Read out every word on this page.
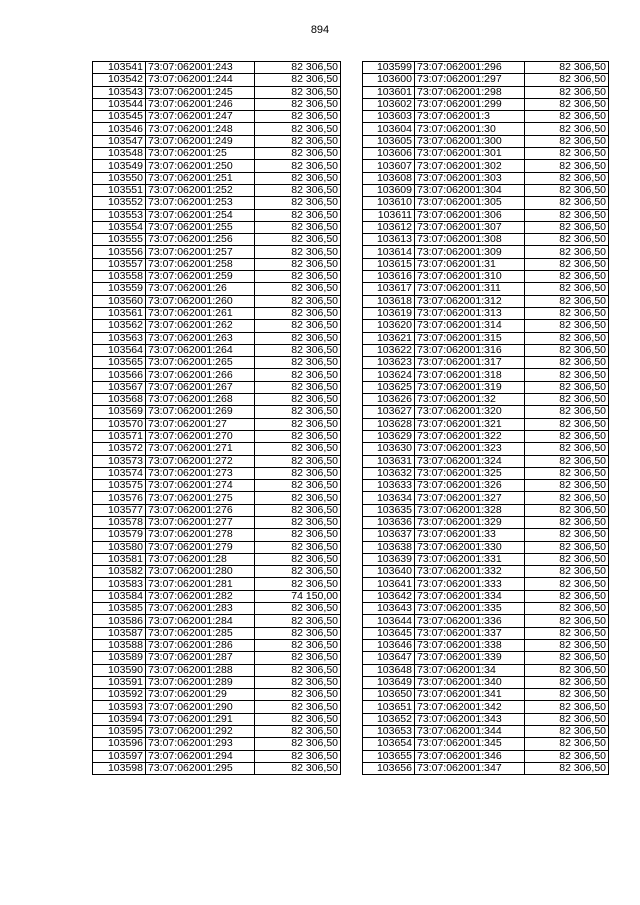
894
103541	73:07:062001:243	82 306,50
103542	73:07:062001:244	82 306,50
103543	73:07:062001:245	82 306,50
103544	73:07:062001:246	82 306,50
103545	73:07:062001:247	82 306,50
103546	73:07:062001:248	82 306,50
103547	73:07:062001:249	82 306,50
103548	73:07:062001:25	82 306,50
103549	73:07:062001:250	82 306,50
103550	73:07:062001:251	82 306,50
103551	73:07:062001:252	82 306,50
103552	73:07:062001:253	82 306,50
103553	73:07:062001:254	82 306,50
103554	73:07:062001:255	82 306,50
103555	73:07:062001:256	82 306,50
103556	73:07:062001:257	82 306,50
103557	73:07:062001:258	82 306,50
103558	73:07:062001:259	82 306,50
103559	73:07:062001:26	82 306,50
103560	73:07:062001:260	82 306,50
103561	73:07:062001:261	82 306,50
103562	73:07:062001:262	82 306,50
103563	73:07:062001:263	82 306,50
103564	73:07:062001:264	82 306,50
103565	73:07:062001:265	82 306,50
103566	73:07:062001:266	82 306,50
103567	73:07:062001:267	82 306,50
103568	73:07:062001:268	82 306,50
103569	73:07:062001:269	82 306,50
103570	73:07:062001:27	82 306,50
103571	73:07:062001:270	82 306,50
103572	73:07:062001:271	82 306,50
103573	73:07:062001:272	82 306,50
103574	73:07:062001:273	82 306,50
103575	73:07:062001:274	82 306,50
103576	73:07:062001:275	82 306,50
103577	73:07:062001:276	82 306,50
103578	73:07:062001:277	82 306,50
103579	73:07:062001:278	82 306,50
103580	73:07:062001:279	82 306,50
103581	73:07:062001:28	82 306,50
103582	73:07:062001:280	82 306,50
103583	73:07:062001:281	82 306,50
103584	73:07:062001:282	74 150,00
103585	73:07:062001:283	82 306,50
103586	73:07:062001:284	82 306,50
103587	73:07:062001:285	82 306,50
103588	73:07:062001:286	82 306,50
103589	73:07:062001:287	82 306,50
103590	73:07:062001:288	82 306,50
103591	73:07:062001:289	82 306,50
103592	73:07:062001:29	82 306,50
103593	73:07:062001:290	82 306,50
103594	73:07:062001:291	82 306,50
103595	73:07:062001:292	82 306,50
103596	73:07:062001:293	82 306,50
103597	73:07:062001:294	82 306,50
103598	73:07:062001:295	82 306,50
103599	73:07:062001:296	82 306,50
103600	73:07:062001:297	82 306,50
103601	73:07:062001:298	82 306,50
103602	73:07:062001:299	82 306,50
103603	73:07:062001:3	82 306,50
103604	73:07:062001:30	82 306,50
103605	73:07:062001:300	82 306,50
103606	73:07:062001:301	82 306,50
103607	73:07:062001:302	82 306,50
103608	73:07:062001:303	82 306,50
103609	73:07:062001:304	82 306,50
103610	73:07:062001:305	82 306,50
103611	73:07:062001:306	82 306,50
103612	73:07:062001:307	82 306,50
103613	73:07:062001:308	82 306,50
103614	73:07:062001:309	82 306,50
103615	73:07:062001:31	82 306,50
103616	73:07:062001:310	82 306,50
103617	73:07:062001:311	82 306,50
103618	73:07:062001:312	82 306,50
103619	73:07:062001:313	82 306,50
103620	73:07:062001:314	82 306,50
103621	73:07:062001:315	82 306,50
103622	73:07:062001:316	82 306,50
103623	73:07:062001:317	82 306,50
103624	73:07:062001:318	82 306,50
103625	73:07:062001:319	82 306,50
103626	73:07:062001:32	82 306,50
103627	73:07:062001:320	82 306,50
103628	73:07:062001:321	82 306,50
103629	73:07:062001:322	82 306,50
103630	73:07:062001:323	82 306,50
103631	73:07:062001:324	82 306,50
103632	73:07:062001:325	82 306,50
103633	73:07:062001:326	82 306,50
103634	73:07:062001:327	82 306,50
103635	73:07:062001:328	82 306,50
103636	73:07:062001:329	82 306,50
103637	73:07:062001:33	82 306,50
103638	73:07:062001:330	82 306,50
103639	73:07:062001:331	82 306,50
103640	73:07:062001:332	82 306,50
103641	73:07:062001:333	82 306,50
103642	73:07:062001:334	82 306,50
103643	73:07:062001:335	82 306,50
103644	73:07:062001:336	82 306,50
103645	73:07:062001:337	82 306,50
103646	73:07:062001:338	82 306,50
103647	73:07:062001:339	82 306,50
103648	73:07:062001:34	82 306,50
103649	73:07:062001:340	82 306,50
103650	73:07:062001:341	82 306,50
103651	73:07:062001:342	82 306,50
103652	73:07:062001:343	82 306,50
103653	73:07:062001:344	82 306,50
103654	73:07:062001:345	82 306,50
103655	73:07:062001:346	82 306,50
103656	73:07:062001:347	82 306,50
